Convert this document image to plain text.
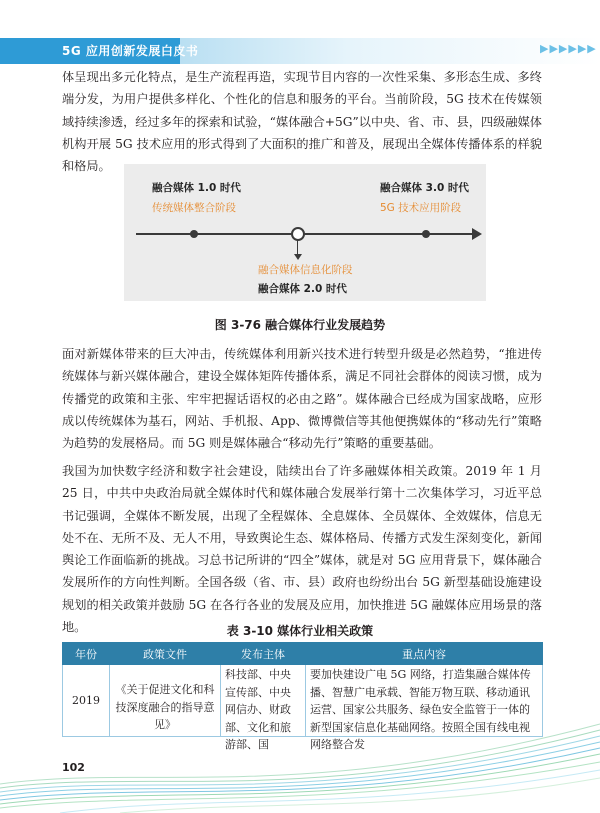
5G 应用创新发展白皮书	▶▶▶▶▶▶

体呈现出多元化特点，是生产流程再造，实现节目内容的一次性采集、多形态生成、多终端分发，为用户提供多样化、个性化的信息和服务的平台。当前阶段，5G 技术在传媒领域持续渗透，经过多年的探索和试验，“媒体融合+5G”以中央、省、市、县，四级融媒体机构开展 5G 技术应用的形式得到了大面积的推广和普及，展现出全媒体传播体系的样貌和格局。

融合媒体 1.0 时代
传统媒体整合阶段
融合媒体 3.0 时代
5G 技术应用阶段
融合媒体信息化阶段
融合媒体 2.0 时代
图 3-76 融合媒体行业发展趋势

面对新媒体带来的巨大冲击，传统媒体利用新兴技术进行转型升级是必然趋势，“推进传统媒体与新兴媒体融合，建设全媒体矩阵传播体系，满足不同社会群体的阅读习惯，成为传播党的政策和主张、牢牢把握话语权的必由之路”。媒体融合已经成为国家战略，应形成以传统媒体为基石，网站、手机报、App、微博微信等其他便携媒体的“移动先行”策略为趋势的发展格局。而 5G 则是媒体融合“移动先行”策略的重要基础。

我国为加快数字经济和数字社会建设，陆续出台了许多融媒体相关政策。2019 年 1 月 25 日，中共中央政治局就全媒体时代和媒体融合发展举行第十二次集体学习，习近平总书记强调，全媒体不断发展，出现了全程媒体、全息媒体、全员媒体、全效媒体，信息无处不在、无所不及、无人不用，导致舆论生态、媒体格局、传播方式发生深刻变化，新闻舆论工作面临新的挑战。习总书记所讲的“四全”媒体，就是对 5G 应用背景下，媒体融合发展所作的方向性判断。全国各级（省、市、县）政府也纷纷出台 5G 新型基础设施建设规划的相关政策并鼓励 5G 在各行各业的发展及应用，加快推进 5G 融媒体应用场景的落地。	表 3-10 媒体行业相关政策
年份	政策文件	发布主体	重点内容
2019	《关于促进文化和科技深度融合的指导意见》	科技部、中央宣传部、中央网信办、财政部、文化和旅游部、国	要加快建设广电 5G 网络，打造集融合媒体传播、智慧广电承载、智能万物互联、移动通讯运营、国家公共服务、绿色安全监管于一体的新型国家信息化基础网络。按照全国有线电视网络整合发
102
